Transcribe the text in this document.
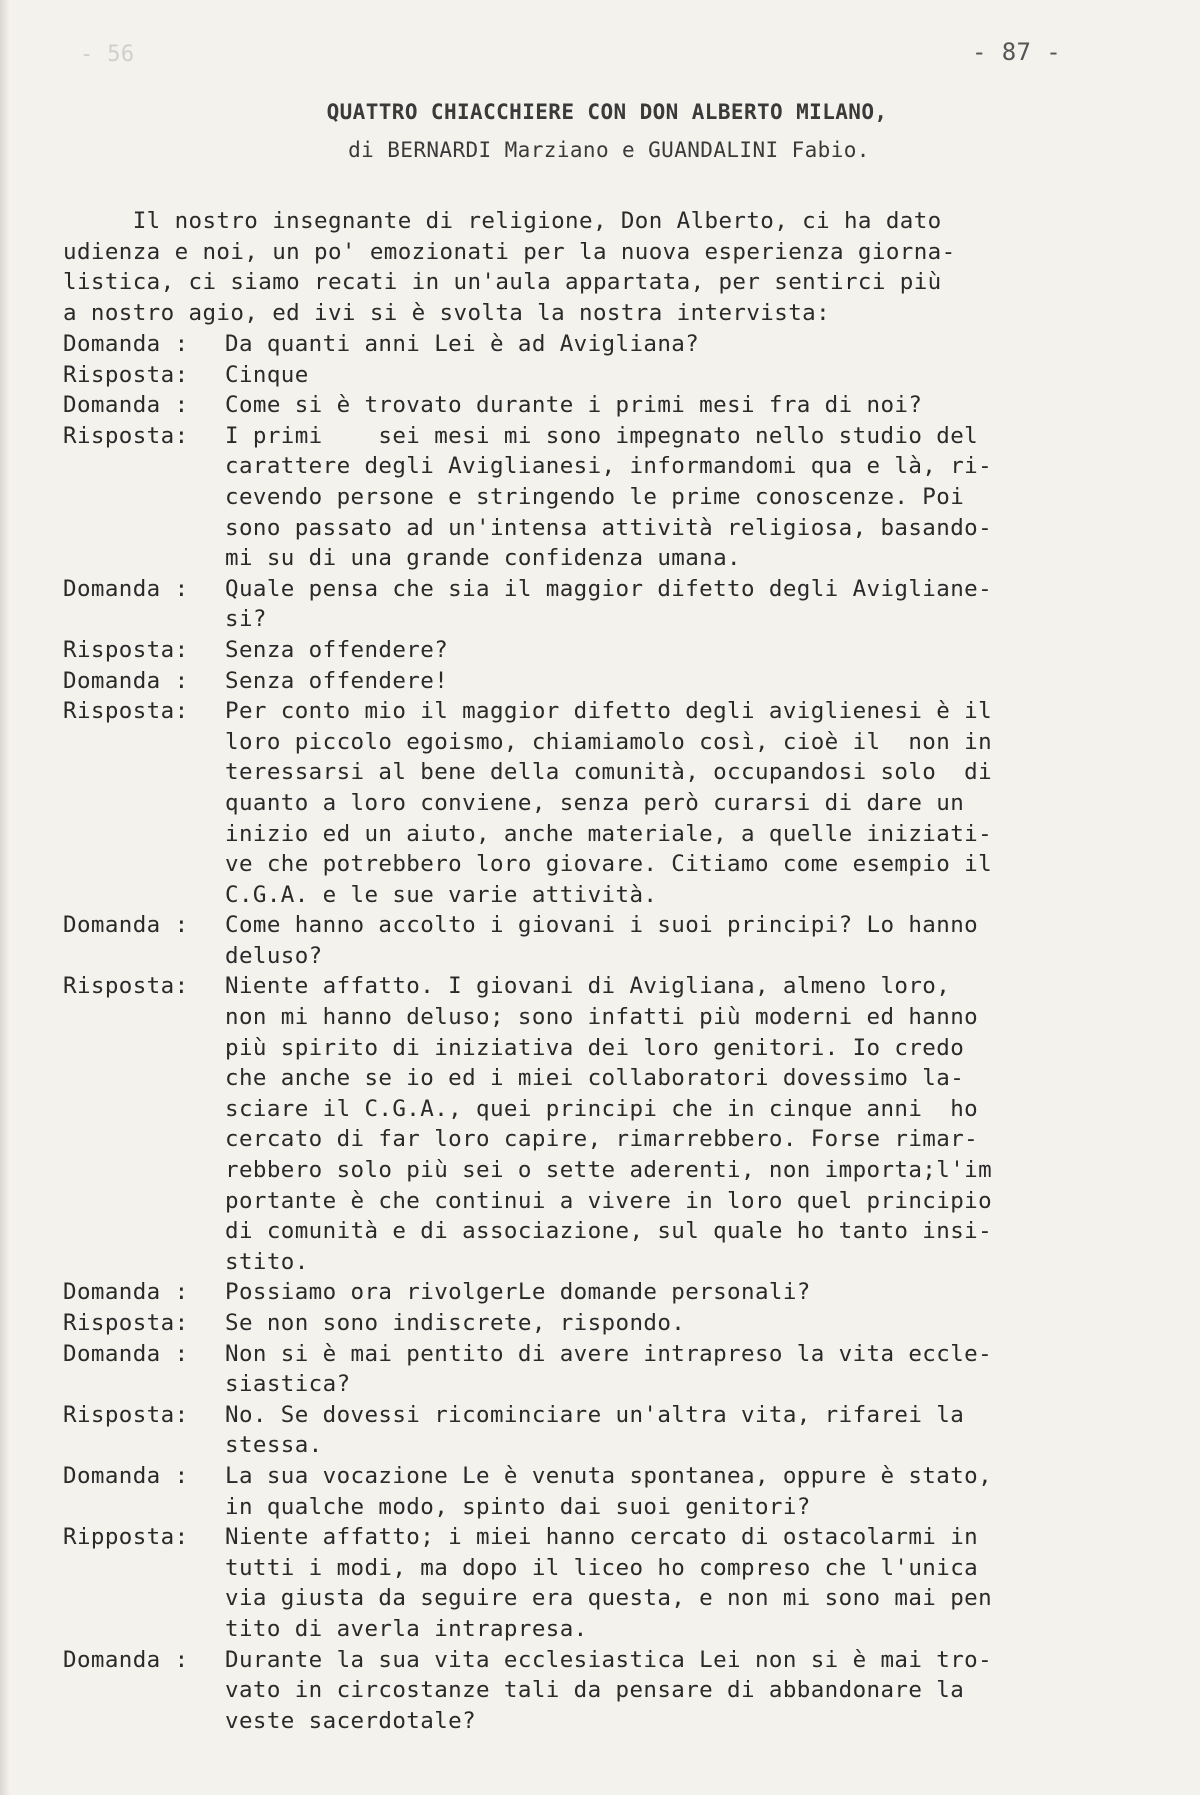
- 56	- 87 -
QUATTRO CHIACCHIERE CON DON ALBERTO MILANO,
di BERNARDI Marziano e GUANDALINI Fabio.
Il nostro insegnante di religione, Don Alberto, ci ha dato
udienza e noi, un po' emozionati per la nuova esperienza giorna-
listica, ci siamo recati in un'aula appartata, per sentirci più
a nostro agio, ed ivi si è svolta la nostra intervista:
Domanda :	Da quanti anni Lei è ad Avigliana?
Risposta:	Cinque
Domanda :	Come si è trovato durante i primi mesi fra di noi?
Risposta:	I primi    sei mesi mi sono impegnato nello studio del
carattere degli Aviglianesi, informandomi qua e là, ri-
cevendo persone e stringendo le prime conoscenze. Poi
sono passato ad un'intensa attività religiosa, basando-
mi su di una grande confidenza umana.
Domanda :	Quale pensa che sia il maggior difetto degli Aviglianе-
si?
Risposta:	Senza offendere?
Domanda :	Senza offendere!
Risposta:	Per conto mio il maggior difetto degli aviglienesi è il
loro piccolo egoismo, chiamiamolo così, cioè il  non in
teressarsi al bene della comunità, occupandosi solo  di
quanto a loro conviene, senza però curarsi di dare un
inizio ed un aiuto, anche materiale, a quelle iniziati-
ve che potrebbero loro giovare. Citiamo come esempio il
C.G.A. e le sue varie attività.
Domanda :	Come hanno accolto i giovani i suoi principi? Lo hanno
deluso?
Risposta:	Niente affatto. I giovani di Avigliana, almeno loro,
non mi hanno deluso; sono infatti più moderni ed hanno
più spirito di iniziativa dei loro genitori. Io credo
che anche se io ed i miei collaboratori dovessimo la-
sciare il C.G.A., quei principi che in cinque anni  ho
cercato di far loro capire, rimarrebbero. Forse rimar-
rebbero solo più sei o sette aderenti, non importa;l'im
portante è che continui a vivere in loro quel principio
di comunità e di associazione, sul quale ho tanto insi-
stito.
Domanda :	Possiamo ora rivolgerLe domande personali?
Risposta:	Se non sono indiscrete, rispondo.
Domanda :	Non si è mai pentito di avere intrapreso la vita eccle-
siastica?
Risposta:	No. Se dovessi ricominciare un'altra vita, rifarei la
stessa.
Domanda :	La sua vocazione Le è venuta spontanea, oppure è stato,
in qualche modo, spinto dai suoi genitori?
Ripposta:	Niente affatto; i miei hanno cercato di ostacolarmi in
tutti i modi, ma dopo il liceo ho compreso che l'unica
via giusta da seguire era questa, e non mi sono mai pen
tito di averla intrapresa.
Domanda :	Durante la sua vita ecclesiastica Lei non si è mai tro-
vato in circostanze tali da pensare di abbandonare la
veste sacerdotale?
